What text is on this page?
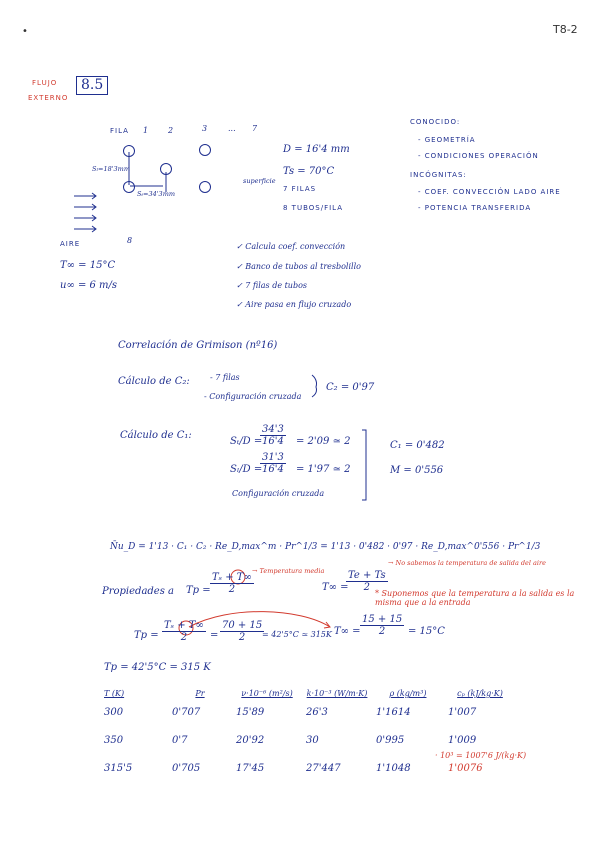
•	T8-2
FLUJO
EXTERNO
8.5
FILA 1 2	3	... 7
Sₗ=18'3mm
Sₜ=34'3mm
AIRE	8
T∞ = 15°C
u∞ = 6 m/s
D = 16'4 mm
superficie
Ts = 70°C
7 FILAS
8 TUBOS/FILA
CONOCIDO:
- GEOMETRÍA
- CONDICIONES OPERACIÓN
INCÓGNITAS:
- COEF. CONVECCIÓN LADO AIRE
- POTENCIA TRANSFERIDA
✓ Calcula coef. convección
✓ Banco de tubos al tresbolillo
✓ 7 filas de tubos
✓ Aire pasa en flujo cruzado
Correlación de Grimison (nº16)
Cálculo de C₂:	- 7 filas
- Configuración cruzada
C₂ = 0'97
Cálculo de C₁:
Sₜ/D =
$\frac{34'3}{16'4} = 2'09$ ≃ 2
Sₗ/D =
$\frac{31'3}{16'4} = 1'97$ ≃ 2
Configuración cruzada
C₁ = 0'482
M = 0'556
N̄u_D = 1'13 · C₁ · C₂ · Re_D,max^m · Pr^1/3 = 1'13 · 0'482 · 0'97 · Re_D,max^0'556 · Pr^1/3
Propiedades a $Tp = \frac{\text{Tₛ + T∞}}{2}$
→ Temperatura media
T∞ =
$\frac{Te + Ts}{2}$
→ No sabemos la temperatura de salida del aire
* Suponemos que la temperatura a la salida es la misma que a la entrada
$Tp = \frac{\text{Tₛ + T∞}}{2} = \frac{70 + 15}{2}$
= 42'5°C ≃ 315K $T\infty = \frac{15 + 15}{2} = 15^\circ C$
Tp = 42'5°C = 315 K
T (K)	Pr	ν·10⁻⁶ (m²/s)	k·10⁻³ (W/m·K)	ρ (kg/m³)	cₚ (kJ/kg·K)
300	0'707	15'89	26'3	1'1614	1'007
350	0'7	20'92	30	0'995	1'009
315'5	0'705	17'45	27'447	1'1048	1'0076
· 10³ = 1007'6 J/(kg·K)
